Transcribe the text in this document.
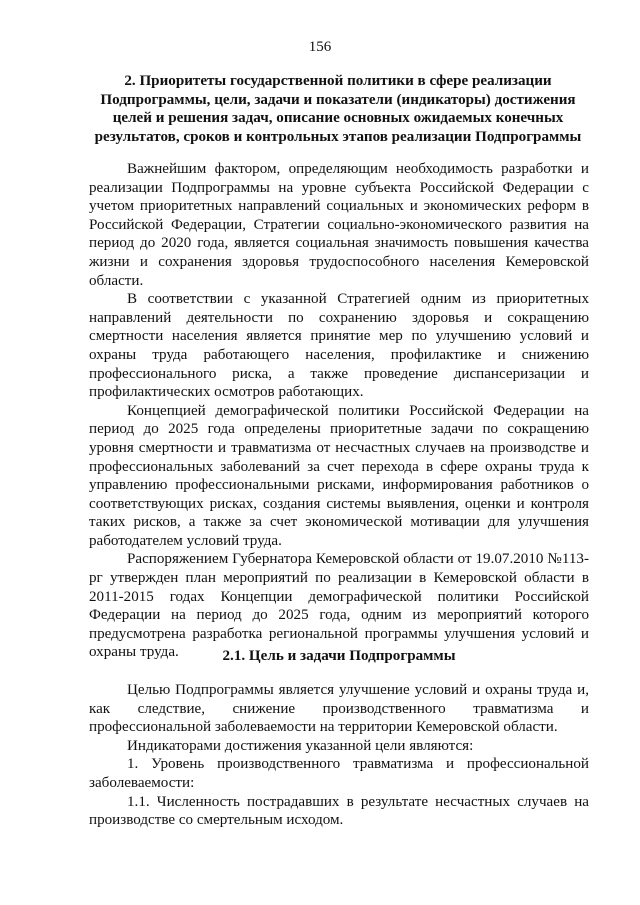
156
2. Приоритеты государственной политики в сфере реализации Подпрограммы, цели, задачи и показатели (индикаторы) достижения целей и решения задач, описание основных ожидаемых конечных результатов, сроков и контрольных этапов реализации Подпрограммы

Важнейшим фактором, определяющим необходимость разработки и реализации Подпрограммы на уровне субъекта Российской Федерации с учетом приоритетных направлений социальных и экономических реформ в Российской Федерации, Стратегии социально-экономического развития на период до 2020 года, является социальная значимость повышения качества жизни и сохранения здоровья трудоспособного населения Кемеровской области.

В соответствии с указанной Стратегией одним из приоритетных направлений деятельности по сохранению здоровья и сокращению смертности населения является принятие мер по улучшению условий и охраны труда работающего населения, профилактике и снижению профессионального риска, а также проведение диспансеризации и профилактических осмотров работающих.

Концепцией демографической политики Российской Федерации на период до 2025 года определены приоритетные задачи по сокращению уровня смертности и травматизма от несчастных случаев на производстве и профессиональных заболеваний за счет перехода в сфере охраны труда к управлению профессиональными рисками, информирования работников о соответствующих рисках, создания системы выявления, оценки и контроля таких рисков, а также за счет экономической мотивации для улучшения работодателем условий труда.

Распоряжением Губернатора Кемеровской области от 19.07.2010 №113-рг утвержден план мероприятий по реализации в Кемеровской области в 2011-2015 годах Концепции демографической политики Российской Федерации на период до 2025 года, одним из мероприятий которого предусмотрена разработка региональной программы улучшения условий и охраны труда.	2.1. Цель и задачи Подпрограммы

Целью Подпрограммы является улучшение условий и охраны труда и, как следствие, снижение производственного травматизма и профессиональной заболеваемости на территории Кемеровской области.

Индикаторами достижения указанной цели являются:

1. Уровень производственного травматизма и профессиональной заболеваемости:

1.1. Численность пострадавших в результате несчастных случаев на производстве со смертельным исходом.
